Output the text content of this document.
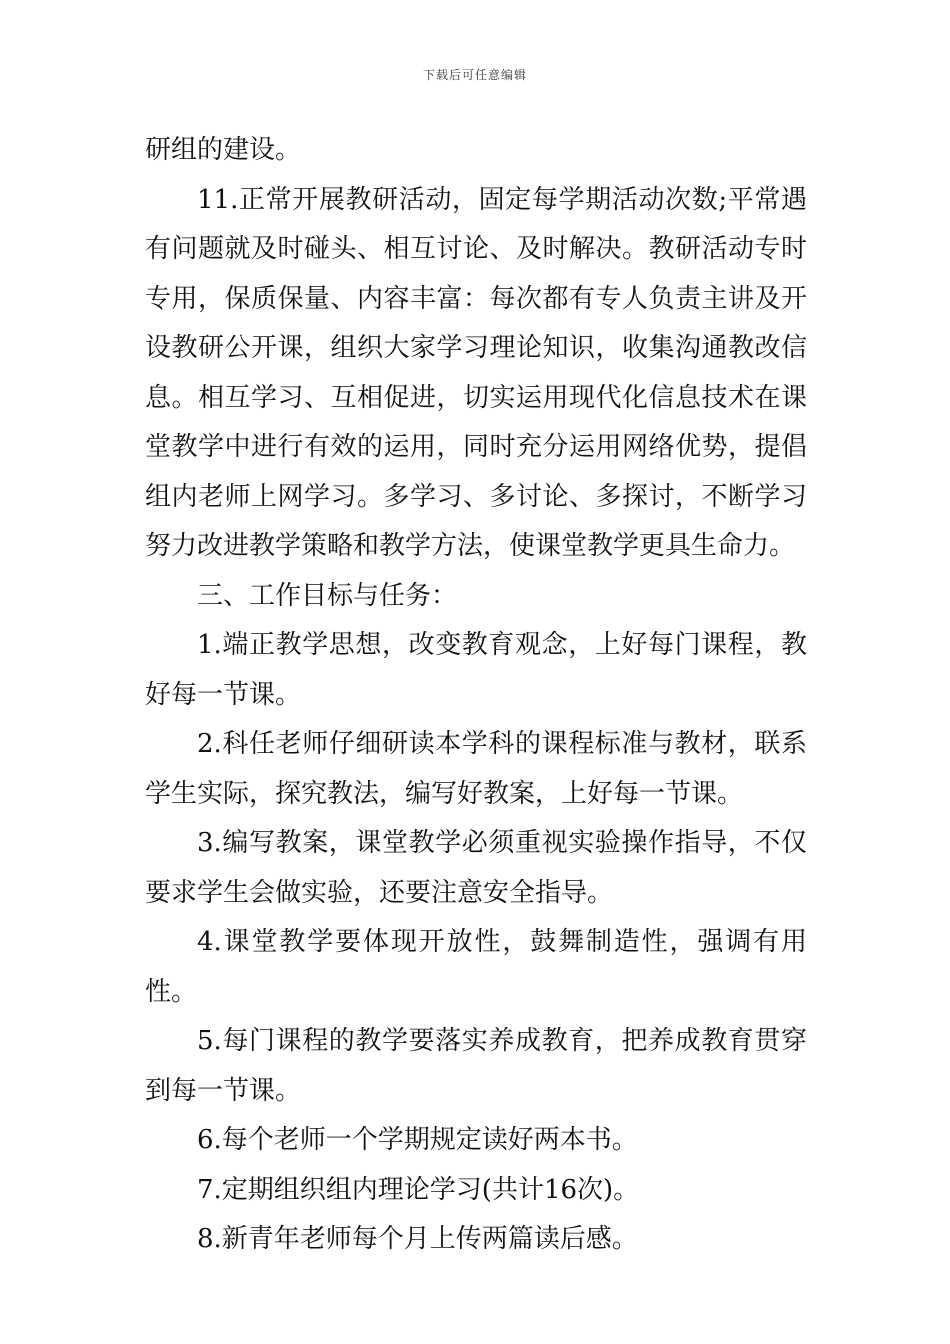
下载后可任意编辑

研组的建设。

11.正常开展教研活动，固定每学期活动次数;平常遇有问题就及时碰头、相互讨论、及时解决。教研活动专时专用，保质保量、内容丰富：每次都有专人负责主讲及开设教研公开课，组织大家学习理论知识，收集沟通教改信息。相互学习、互相促进，切实运用现代化信息技术在课堂教学中进行有效的运用，同时充分运用网络优势，提倡组内老师上网学习。多学习、多讨论、多探讨，不断学习努力改进教学策略和教学方法，使课堂教学更具生命力。

三、工作目标与任务：

1.端正教学思想，改变教育观念，上好每门课程，教好每一节课。

2.科任老师仔细研读本学科的课程标准与教材，联系学生实际，探究教法，编写好教案，上好每一节课。

3.编写教案，课堂教学必须重视实验操作指导，不仅要求学生会做实验，还要注意安全指导。

4.课堂教学要体现开放性，鼓舞制造性，强调有用性。

5.每门课程的教学要落实养成教育，把养成教育贯穿到每一节课。

6.每个老师一个学期规定读好两本书。

7.定期组织组内理论学习(共计16次)。

8.新青年老师每个月上传两篇读后感。
